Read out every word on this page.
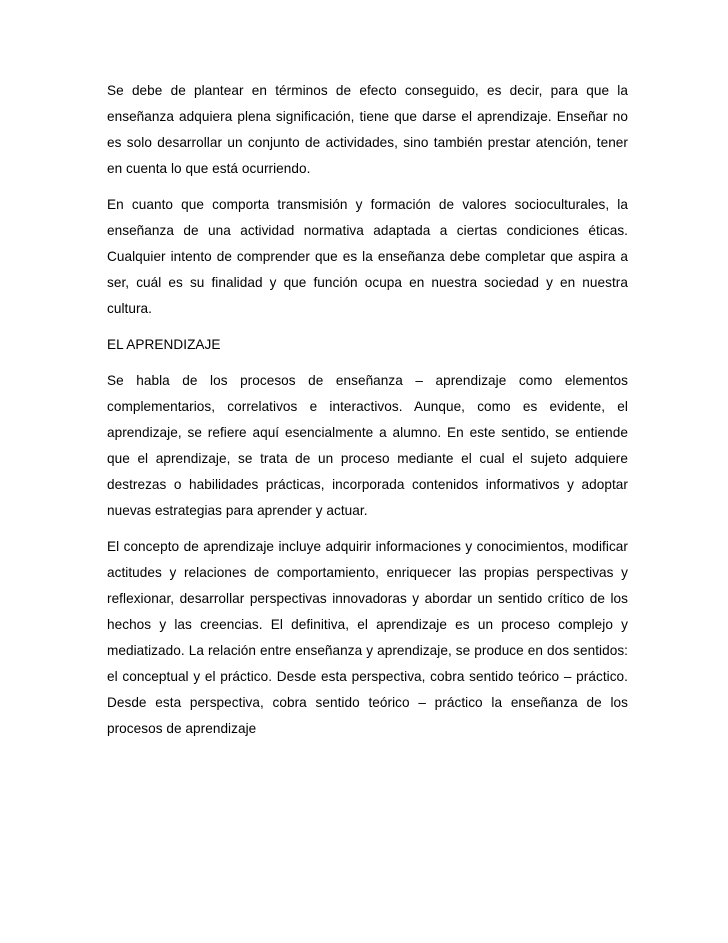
Se debe de plantear en términos de efecto conseguido, es decir, para que la enseñanza adquiera plena significación, tiene que darse el aprendizaje. Enseñar no es solo desarrollar un conjunto de actividades, sino también prestar atención, tener en cuenta lo que está ocurriendo.

En cuanto que comporta transmisión y formación de valores socioculturales, la enseñanza de una actividad normativa adaptada a ciertas condiciones éticas. Cualquier intento de comprender que es la enseñanza debe completar que aspira a ser, cuál es su finalidad y que función ocupa en nuestra sociedad y en nuestra cultura.

EL APRENDIZAJE

Se habla de los procesos de enseñanza – aprendizaje como elementos complementarios, correlativos e interactivos. Aunque, como es evidente, el aprendizaje, se refiere aquí esencialmente a alumno. En este sentido, se entiende que el aprendizaje, se trata de un proceso mediante el cual el sujeto adquiere destrezas o habilidades prácticas, incorporada contenidos informativos y adoptar nuevas estrategias para aprender y actuar.

El concepto de aprendizaje incluye adquirir informaciones y conocimientos, modificar actitudes y relaciones de comportamiento, enriquecer las propias perspectivas y reflexionar, desarrollar perspectivas innovadoras y abordar un sentido crítico de los hechos y las creencias. El definitiva, el aprendizaje es un proceso complejo y mediatizado. La relación entre enseñanza y aprendizaje, se produce en dos sentidos: el conceptual y el práctico. Desde esta perspectiva, cobra sentido teórico – práctico. Desde esta perspectiva, cobra sentido teórico – práctico la enseñanza de los procesos de aprendizaje
